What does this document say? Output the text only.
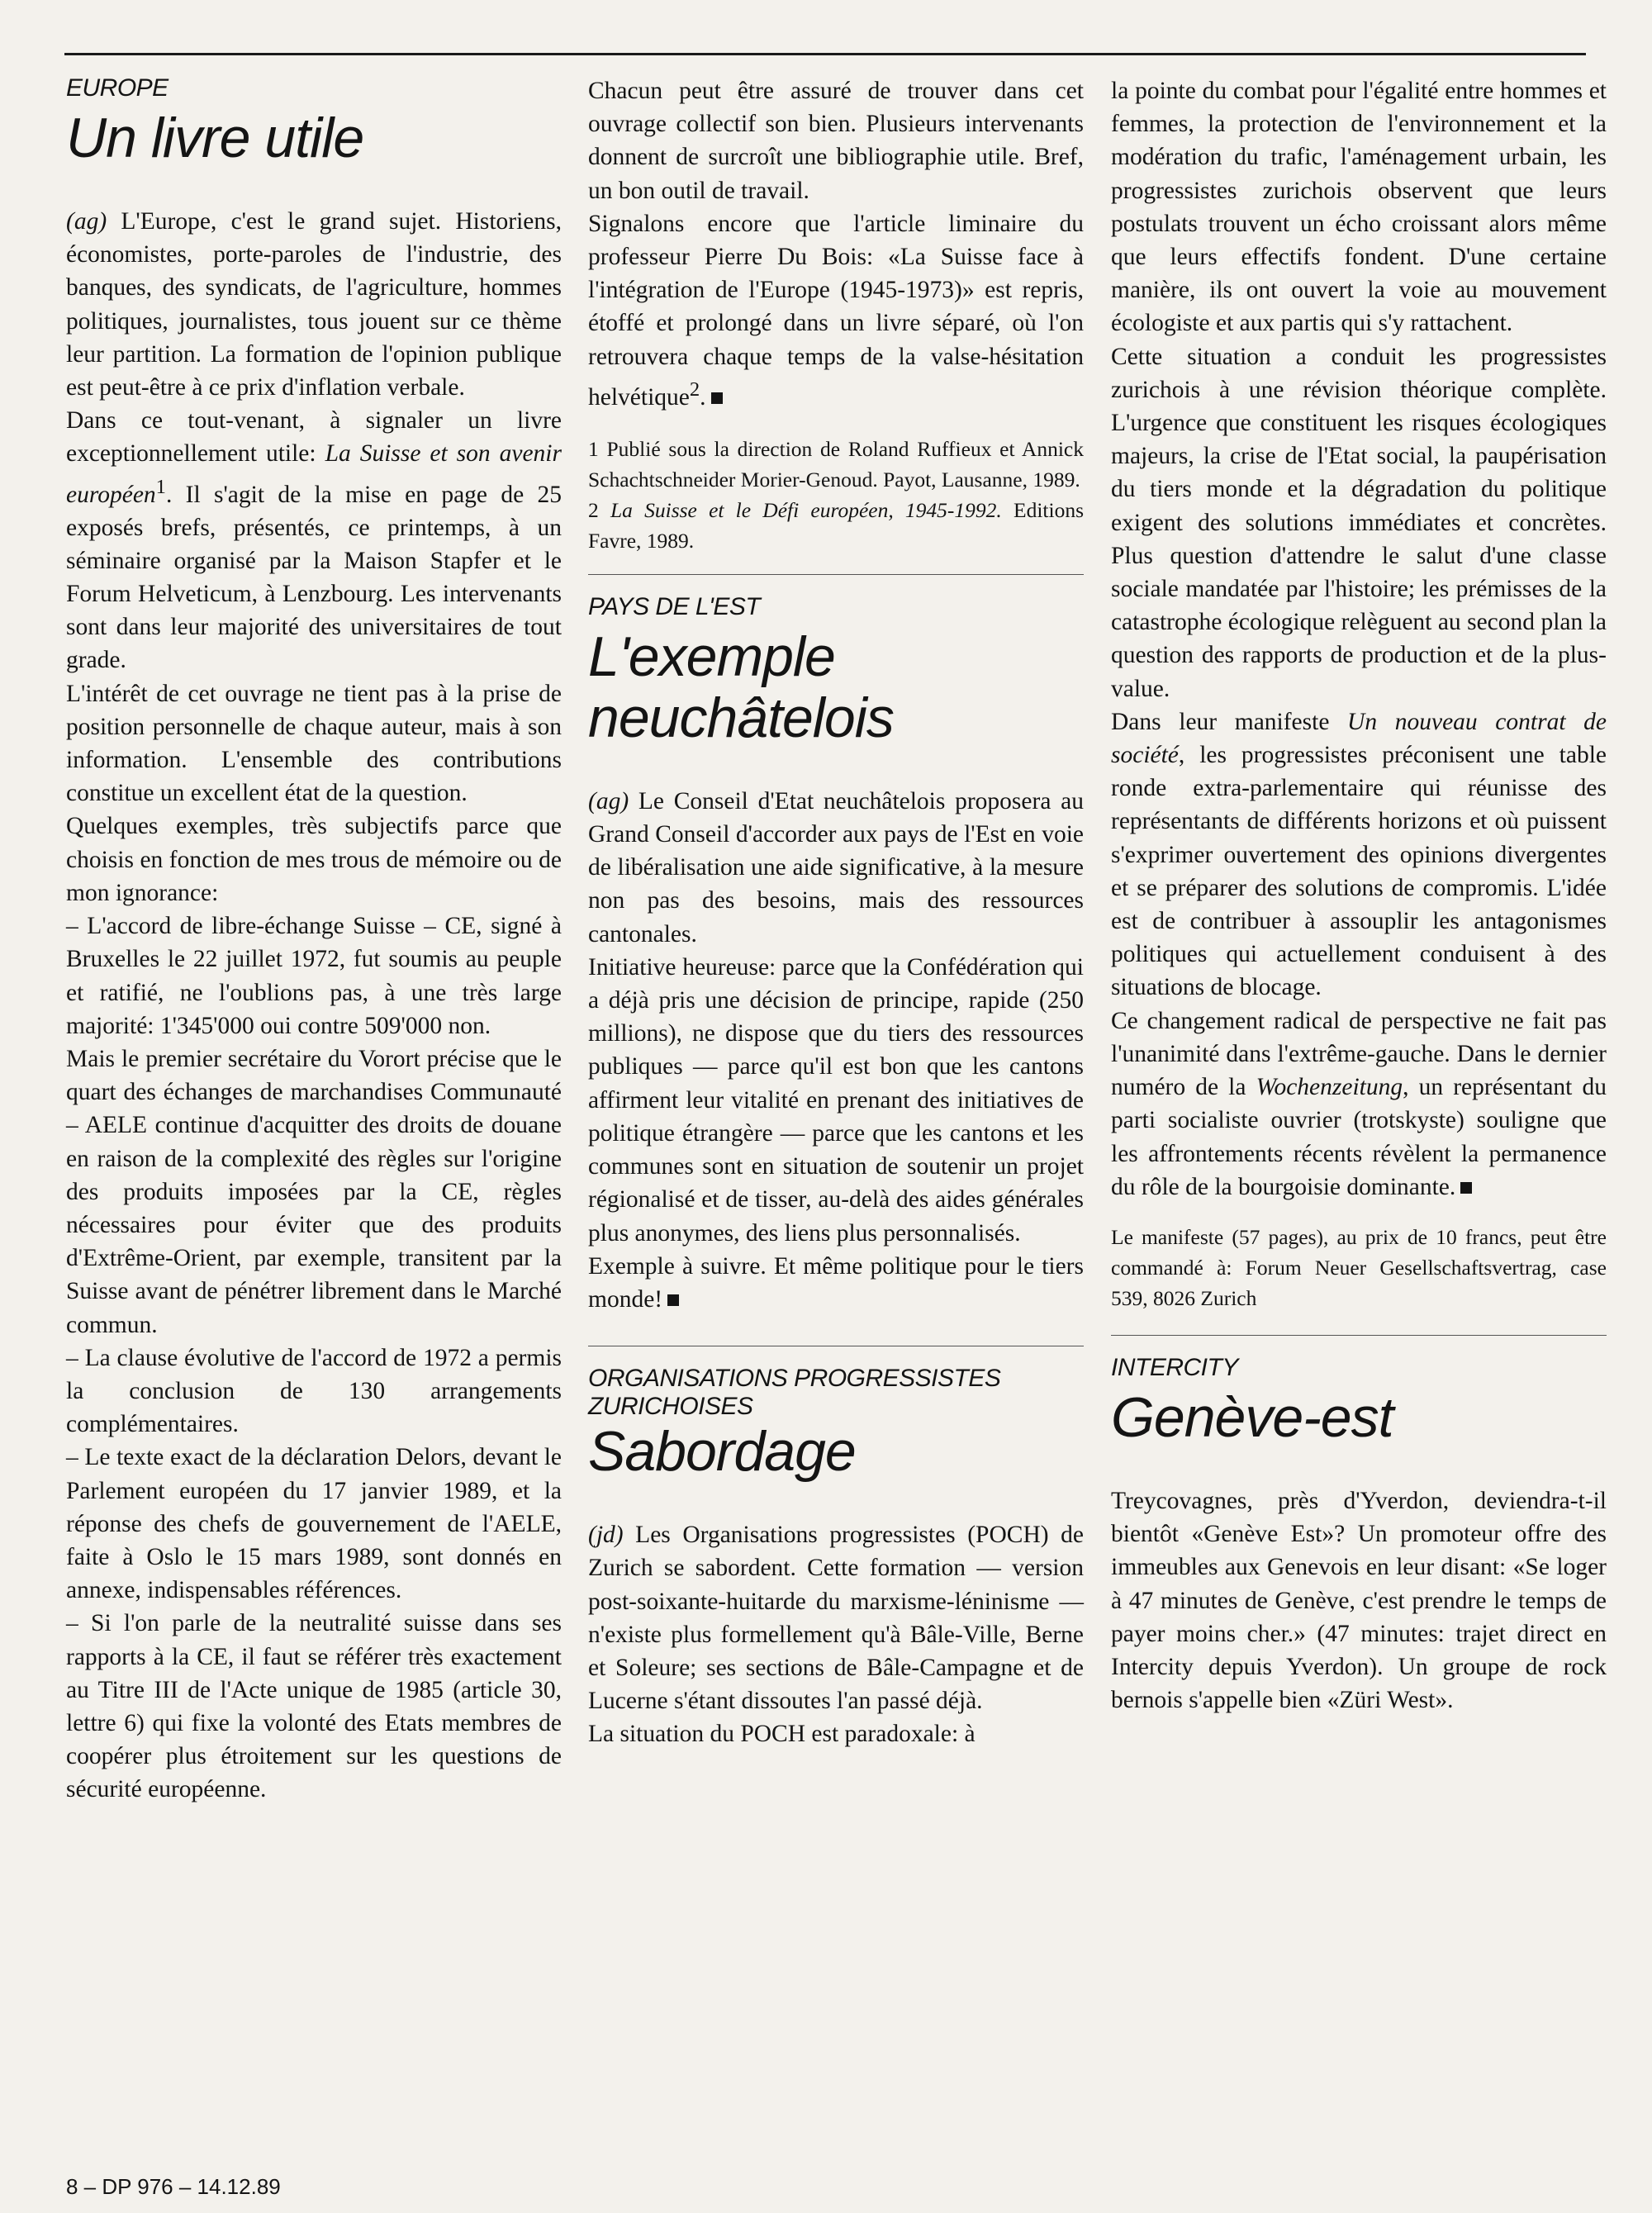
EUROPE
Un livre utile

(ag) L'Europe, c'est le grand sujet. Historiens, économistes, porte-paroles de l'industrie, des banques, des syndicats, de l'agriculture, hommes politiques, journalistes, tous jouent sur ce thème leur partition. La formation de l'opinion publique est peut-être à ce prix d'inflation verbale.

Dans ce tout-venant, à signaler un livre exceptionnellement utile: La Suisse et son avenir européen$^1$. Il s'agit de la mise en page de 25 exposés brefs, présentés, ce printemps, à un séminaire organisé par la Maison Stapfer et le Forum Helveticum, à Lenzbourg. Les intervenants sont dans leur majorité des universitaires de tout grade.

L'intérêt de cet ouvrage ne tient pas à la prise de position personnelle de chaque auteur, mais à son information. L'ensemble des contributions constitue un excellent état de la question.

Quelques exemples, très subjectifs parce que choisis en fonction de mes trous de mémoire ou de mon ignorance:

– L'accord de libre-échange Suisse – CE, signé à Bruxelles le 22 juillet 1972, fut soumis au peuple et ratifié, ne l'oublions pas, à une très large majorité: 1'345'000 oui contre 509'000 non.

Mais le premier secrétaire du Vorort précise que le quart des échanges de marchandises Communauté – AELE continue d'acquitter des droits de douane en raison de la complexité des règles sur l'origine des produits imposées par la CE, règles nécessaires pour éviter que des produits d'Extrême-Orient, par exemple, transitent par la Suisse avant de pénétrer librement dans le Marché commun.

– La clause évolutive de l'accord de 1972 a permis la conclusion de 130 arrangements complémentaires.

– Le texte exact de la déclaration Delors, devant le Parlement européen du 17 janvier 1989, et la réponse des chefs de gouvernement de l'AELE, faite à Oslo le 15 mars 1989, sont donnés en annexe, indispensables références.

– Si l'on parle de la neutralité suisse dans ses rapports à la CE, il faut se référer très exactement au Titre III de l'Acte unique de 1985 (article 30, lettre 6) qui fixe la volonté des Etats membres de coopérer plus étroitement sur les questions de sécurité européenne.

Chacun peut être assuré de trouver dans cet ouvrage collectif son bien. Plusieurs intervenants donnent de surcroît une bibliographie utile. Bref, un bon outil de travail.

Signalons encore que l'article liminaire du professeur Pierre Du Bois: «La Suisse face à l'intégration de l'Europe (1945-1973)» est repris, étoffé et prolongé dans un livre séparé, où l'on retrouvera chaque temps de la valse-hésitation helvétique$^2$.

1 Publié sous la direction de Roland Ruffieux et Annick Schachtschneider Morier-Genoud. Payot, Lausanne, 1989.

2 La Suisse et le Défi européen, 1945-1992. Editions Favre, 1989.

PAYS DE L'EST
L'exemple
neuchâtelois

(ag) Le Conseil d'Etat neuchâtelois proposera au Grand Conseil d'accorder aux pays de l'Est en voie de libéralisation une aide significative, à la mesure non pas des besoins, mais des ressources cantonales.

Initiative heureuse: parce que la Confédération qui a déjà pris une décision de principe, rapide (250 millions), ne dispose que du tiers des ressources publiques — parce qu'il est bon que les cantons affirment leur vitalité en prenant des initiatives de politique étrangère — parce que les cantons et les communes sont en situation de soutenir un projet régionalisé et de tisser, au-delà des aides générales plus anonymes, des liens plus personnalisés.

Exemple à suivre. Et même politique pour le tiers monde!

ORGANISATIONS PROGRESSISTES
ZURICHOISES
Sabordage

(jd) Les Organisations progressistes (POCH) de Zurich se sabordent. Cette formation — version post-soixante-huitarde du marxisme-léninisme — n'existe plus formellement qu'à Bâle-Ville, Berne et Soleure; ses sections de Bâle-Campagne et de Lucerne s'étant dissoutes l'an passé déjà.

La situation du POCH est paradoxale: à

la pointe du combat pour l'égalité entre hommes et femmes, la protection de l'environnement et la modération du trafic, l'aménagement urbain, les progressistes zurichois observent que leurs postulats trouvent un écho croissant alors même que leurs effectifs fondent. D'une certaine manière, ils ont ouvert la voie au mouvement écologiste et aux partis qui s'y rattachent.

Cette situation a conduit les progressistes zurichois à une révision théorique complète. L'urgence que constituent les risques écologiques majeurs, la crise de l'Etat social, la paupérisation du tiers monde et la dégradation du politique exigent des solutions immédiates et concrètes. Plus question d'attendre le salut d'une classe sociale mandatée par l'histoire; les prémisses de la catastrophe écologique relèguent au second plan la question des rapports de production et de la plus-value.

Dans leur manifeste Un nouveau contrat de société, les progressistes préconisent une table ronde extra-parlementaire qui réunisse des représentants de différents horizons et où puissent s'exprimer ouvertement des opinions divergentes et se préparer des solutions de compromis. L'idée est de contribuer à assouplir les antagonismes politiques qui actuellement conduisent à des situations de blocage.

Ce changement radical de perspective ne fait pas l'unanimité dans l'extrême-gauche. Dans le dernier numéro de la Wochenzeitung, un représentant du parti socialiste ouvrier (trotskyste) souligne que les affrontements récents révèlent la permanence du rôle de la bourgoisie dominante.

Le manifeste (57 pages), au prix de 10 francs, peut être commandé à: Forum Neuer Gesellschaftsvertrag, case 539, 8026 Zurich

INTERCITY
Genève-est

Treycovagnes, près d'Yverdon, deviendra-t-il bientôt «Genève Est»? Un promoteur offre des immeubles aux Genevois en leur disant: «Se loger à 47 minutes de Genève, c'est prendre le temps de payer moins cher.» (47 minutes: trajet direct en Intercity depuis Yverdon). Un groupe de rock bernois s'appelle bien «Züri West».

8 – DP 976 – 14.12.89
